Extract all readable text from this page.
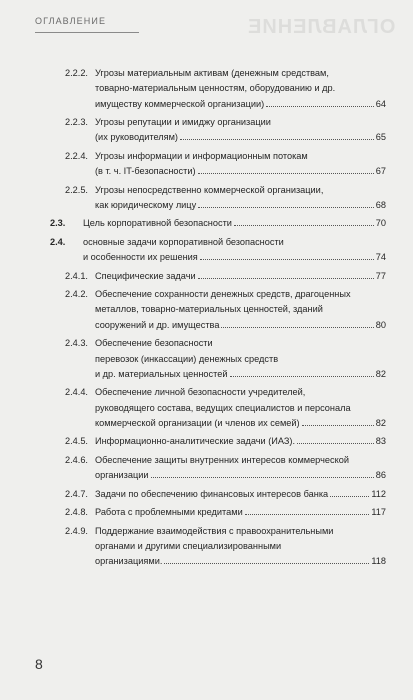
ОГЛАВЛЕНИЕ	ОГЛАВЛЕНИЕ
2.2.2. Угрозы материальным активам (денежным средствам,
товарно-материальным ценностям, оборудованию и др.
имуществу коммерческой организации)	64
2.2.3. Угрозы репутации и имиджу организации
(их руководителям)	65
2.2.4. Угрозы информации и информационным потокам
(в т. ч. IT-безопасности)	67
2.2.5. Угрозы непосредственно коммерческой организации,
как юридическому лицу	68
2.3. Цель корпоративной безопасности	70
2.4. основные задачи корпоративной безопасности
и особенности их решения	74
2.4.1. Специфические задачи	77
2.4.2. Обеспечение сохранности денежных средств, драгоценных
металлов, товарно-материальных ценностей, зданий
сооружений и др. имущества	80
2.4.3. Обеспечение безопасности
перевозок (инкассации) денежных средств
и др. материальных ценностей	82
2.4.4. Обеспечение личной безопасности учредителей,
руководящего состава, ведущих специалистов и персонала
коммерческой организации (и членов их семей)	82
2.4.5. Информационно-аналитические задачи (ИАЗ).	83
2.4.6. Обеспечение защиты внутренних интересов коммерческой
организации	86
2.4.7. Задачи по обеспечению финансовых интересов банка	112
2.4.8. Работа с проблемными кредитами	117
2.4.9. Поддержание взаимодействия с правоохранительными
органами и другими специализированными
организациями.	118
8
